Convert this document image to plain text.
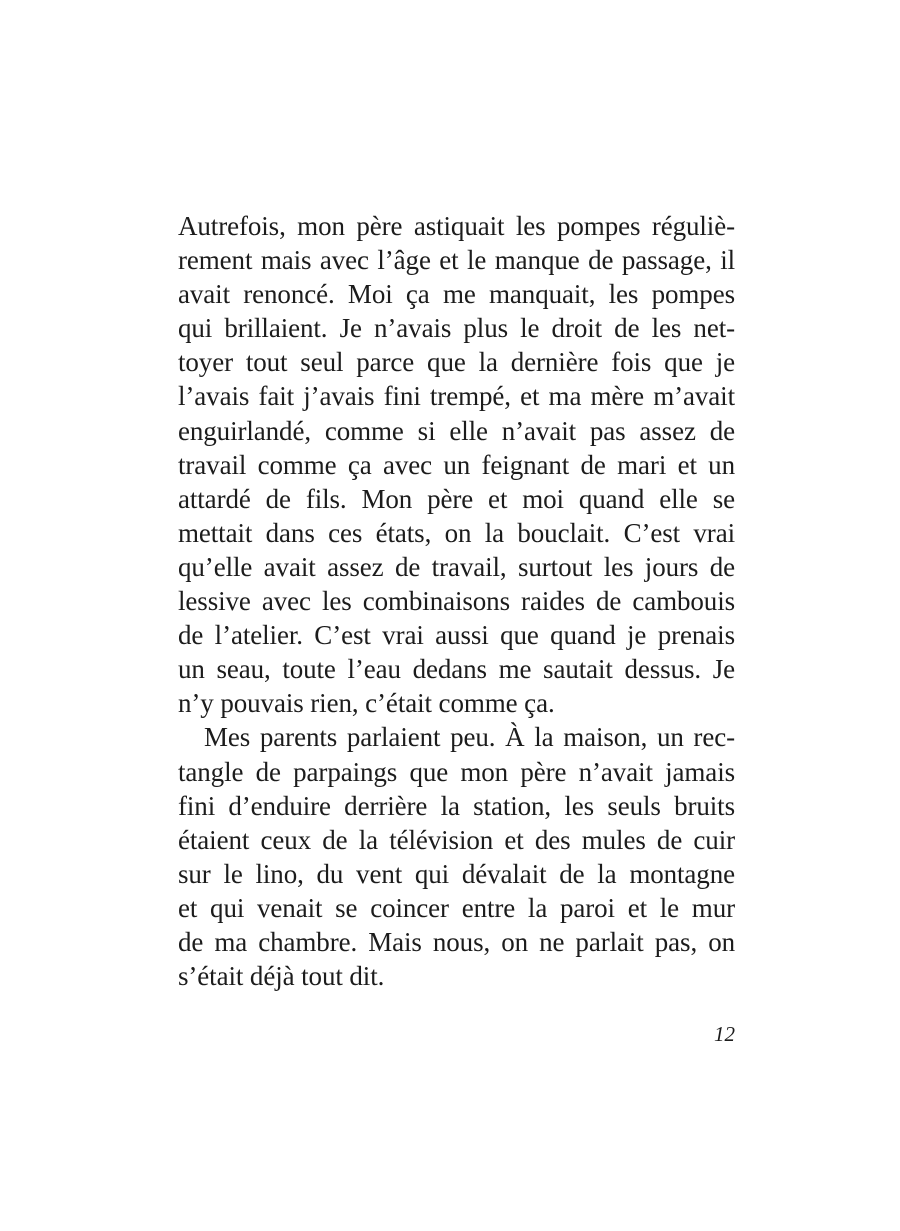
Autrefois, mon père astiquait les pompes réguliè-
rement mais avec l’âge et le manque de passage, il
avait renoncé. Moi ça me manquait, les pompes
qui brillaient. Je n’avais plus le droit de les net-
toyer tout seul parce que la dernière fois que je
l’avais fait j’avais fini trempé, et ma mère m’avait
enguirlandé, comme si elle n’avait pas assez de
travail comme ça avec un feignant de mari et un
attardé de fils. Mon père et moi quand elle se
mettait dans ces états, on la bouclait. C’est vrai
qu’elle avait assez de travail, surtout les jours de
lessive avec les combinaisons raides de cambouis
de l’atelier. C’est vrai aussi que quand je prenais
un seau, toute l’eau dedans me sautait dessus. Je
n’y pouvais rien, c’était comme ça.
Mes parents parlaient peu. À la maison, un rec-
tangle de parpaings que mon père n’avait jamais
fini d’enduire derrière la station, les seuls bruits
étaient ceux de la télévision et des mules de cuir
sur le lino, du vent qui dévalait de la montagne
et qui venait se coincer entre la paroi et le mur
de ma chambre. Mais nous, on ne parlait pas, on
s’était déjà tout dit.
12
